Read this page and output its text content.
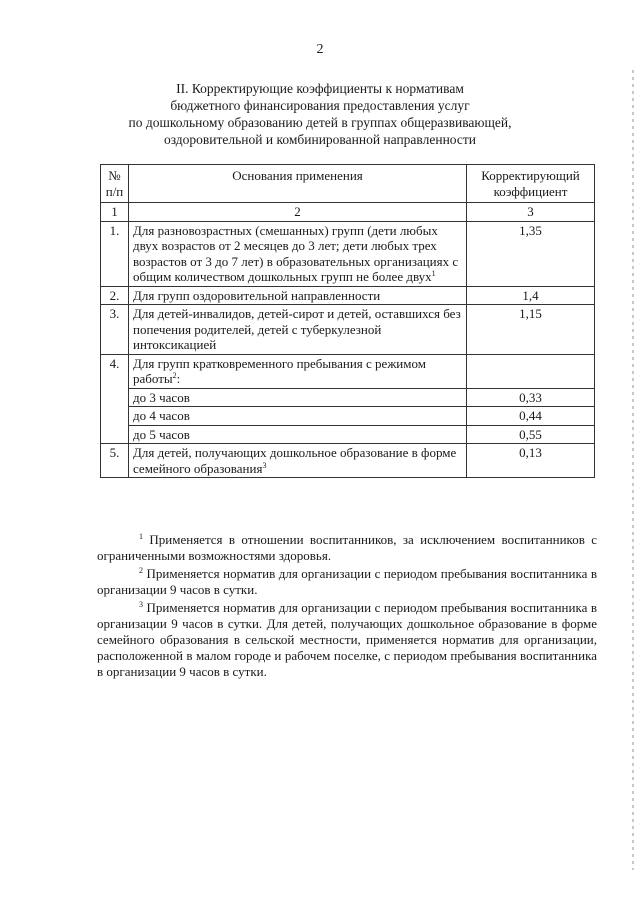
2
II. Корректирующие коэффициенты к нормативам
бюджетного финансирования предоставления услуг
по дошкольному образованию детей в группах общеразвивающей,
оздоровительной и комбинированной направленности
№ п/п	Основания применения	Корректирующий коэффициент
1	2	3
1.	Для разновозрастных (смешанных) групп (дети любых двух возрастов от 2 месяцев до 3 лет; дети любых трех возрастов от 3 до 7 лет) в образовательных организациях с общим количеством дошкольных групп не более двух$^1$	1,35
2.	Для групп оздоровительной направленности	1,4
3.	Для детей-инвалидов, детей-сирот и детей, оставшихся без попечения родителей, детей с туберкулезной интоксикацией	1,15
4.	Для групп кратковременного пребывания с режимом работы$^2$:	
	до 3 часов	0,33
	до 4 часов	0,44
	до 5 часов	0,55
5.	Для детей, получающих дошкольное образование в форме семейного образования$^3$	0,13

$^1$ Применяется в отношении воспитанников, за исключением воспитанников с ограниченными возможностями здоровья.

$^2$ Применяется норматив для организации с периодом пребывания воспитанника в организации 9 часов в сутки.

$^3$ Применяется норматив для организации с периодом пребывания воспитанника в организации 9 часов в сутки. Для детей, получающих дошкольное образование в форме семейного образования в сельской местности, применяется норматив для организации, расположенной в малом городе и рабочем поселке, с периодом пребывания воспитанника в организации 9 часов в сутки.
